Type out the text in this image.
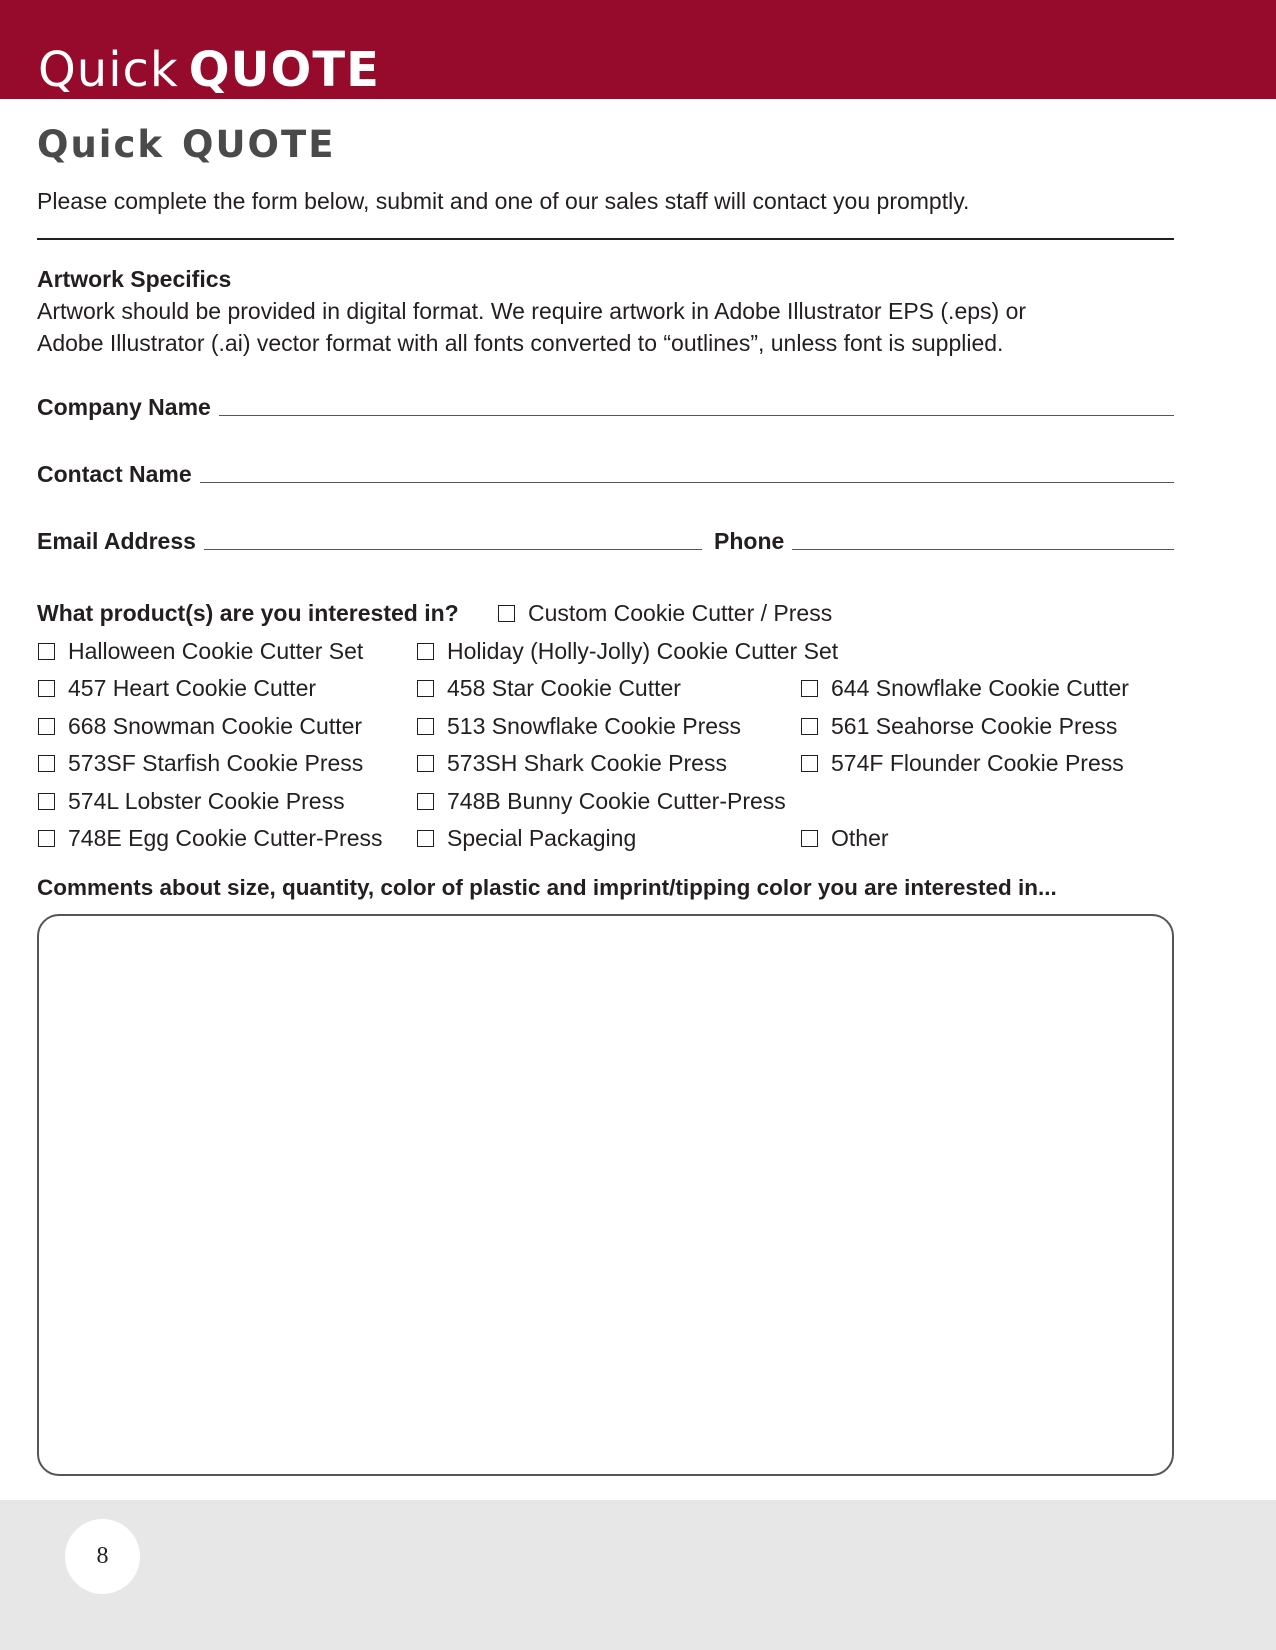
Quick QUOTE
Quick QUOTE
Please complete the form below, submit and one of our sales staff will contact you promptly.
Artwork Specifics
Artwork should be provided in digital format. We require artwork in Adobe Illustrator EPS (.eps) or
Adobe Illustrator (.ai) vector format with all fonts converted to “outlines”, unless font is supplied.
Company Name
Contact Name
Email Address	Phone
What product(s) are you interested in?	Custom Cookie Cutter / Press
Halloween Cookie Cutter Set	Holiday (Holly-Jolly) Cookie Cutter Set
457 Heart Cookie Cutter	458 Star Cookie Cutter	644 Snowflake Cookie Cutter
668 Snowman Cookie Cutter	513 Snowflake Cookie Press	561 Seahorse Cookie Press
573SF Starfish Cookie Press	573SH Shark Cookie Press	574F Flounder Cookie Press
574L Lobster Cookie Press	748B Bunny Cookie Cutter-Press
748E Egg Cookie Cutter-Press	Special Packaging	Other
Comments about size, quantity, color of plastic and imprint/tipping color you are interested in...
8
